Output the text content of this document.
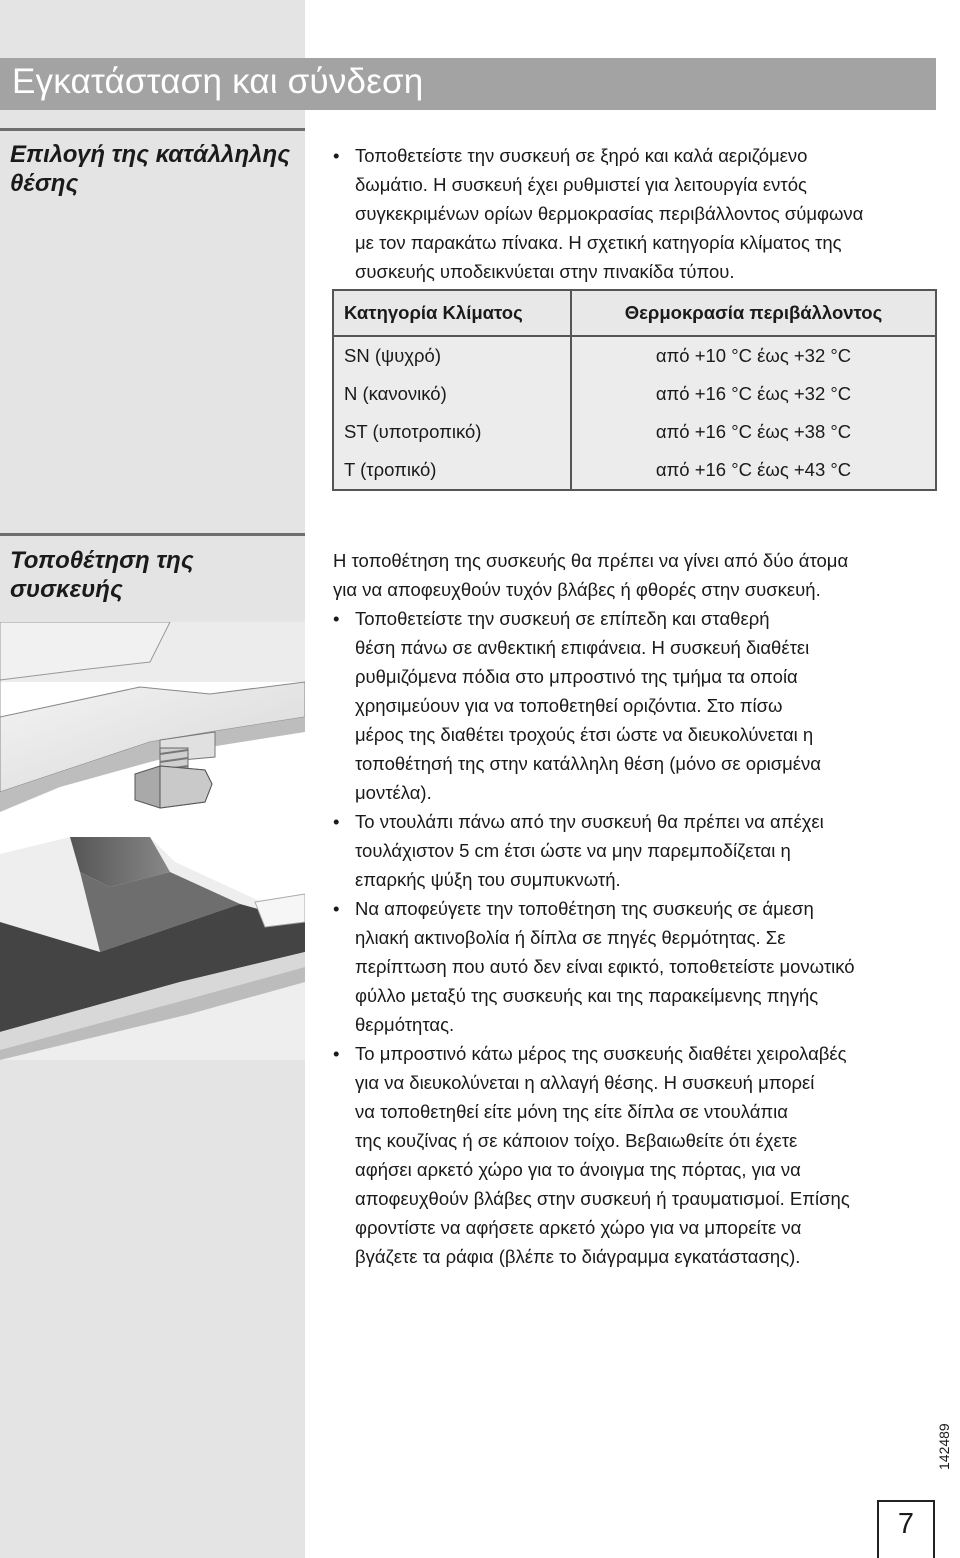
Εγκατάσταση και σύνδεση
Επιλογή της κατάλληλης θέσης
• Τοποθετείστε την συσκευή σε ξηρό και καλά αεριζόμενο
δωμάτιο. Η συσκευή έχει ρυθμιστεί για λειτουργία εντός
συγκεκριμένων ορίων θερμοκρασίας περιβάλλοντος σύμφωνα
με τον παρακάτω πίνακα. Η σχετική κατηγορία κλίματος της
συσκευής υποδεικνύεται στην πινακίδα τύπου.
Κατηγορία Κλίματος	Θερμοκρασία περιβάλλοντος
SN (ψυχρό)	από +10 °C έως +32 °C
N (κανονικό)	από +16 °C έως +32 °C
ST (υποτροπικό)	από +16 °C έως +38 °C
T (τροπικό)	από +16 °C έως +43 °C
Τοποθέτηση της συσκευής
Η τοποθέτηση της συσκευής θα πρέπει να γίνει από δύο άτομα
για να αποφευχθούν τυχόν βλάβες ή φθορές στην συσκευή.
• Τοποθετείστε την συσκευή σε επίπεδη και σταθερή
θέση πάνω σε ανθεκτική επιφάνεια. Η συσκευή διαθέτει
ρυθμιζόμενα πόδια στο μπροστινό της τμήμα τα οποία
χρησιμεύουν για να τοποθετηθεί οριζόντια. Στο πίσω
μέρος της διαθέτει τροχούς έτσι ώστε να διευκολύνεται η
τοποθέτησή της στην κατάλληλη θέση (μόνο σε ορισμένα
μοντέλα).
• Το ντουλάπι πάνω από την συσκευή θα πρέπει να απέχει
τουλάχιστον 5 cm έτσι ώστε να μην παρεμποδίζεται η
επαρκής ψύξη του συμπυκνωτή.
• Να αποφεύγετε την τοποθέτηση της συσκευής σε άμεση
ηλιακή ακτινοβολία ή δίπλα σε πηγές θερμότητας. Σε
περίπτωση που αυτό δεν είναι εφικτό, τοποθετείστε μονωτικό
φύλλο μεταξύ της συσκευής και της παρακείμενης πηγής
θερμότητας.
• Το μπροστινό κάτω μέρος της συσκευής διαθέτει χειρολαβές
για να διευκολύνεται η αλλαγή θέσης. Η συσκευή μπορεί
να τοποθετηθεί είτε μόνη της είτε δίπλα σε ντουλάπια
της κουζίνας ή σε κάποιον τοίχο. Βεβαιωθείτε ότι έχετε
αφήσει αρκετό χώρο για το άνοιγμα της πόρτας, για να
αποφευχθούν βλάβες στην συσκευή ή τραυματισμοί. Επίσης
φροντίστε να αφήσετε αρκετό χώρο για να μπορείτε να
βγάζετε τα ράφια (βλέπε το διάγραμμα εγκατάστασης).
142489
7
